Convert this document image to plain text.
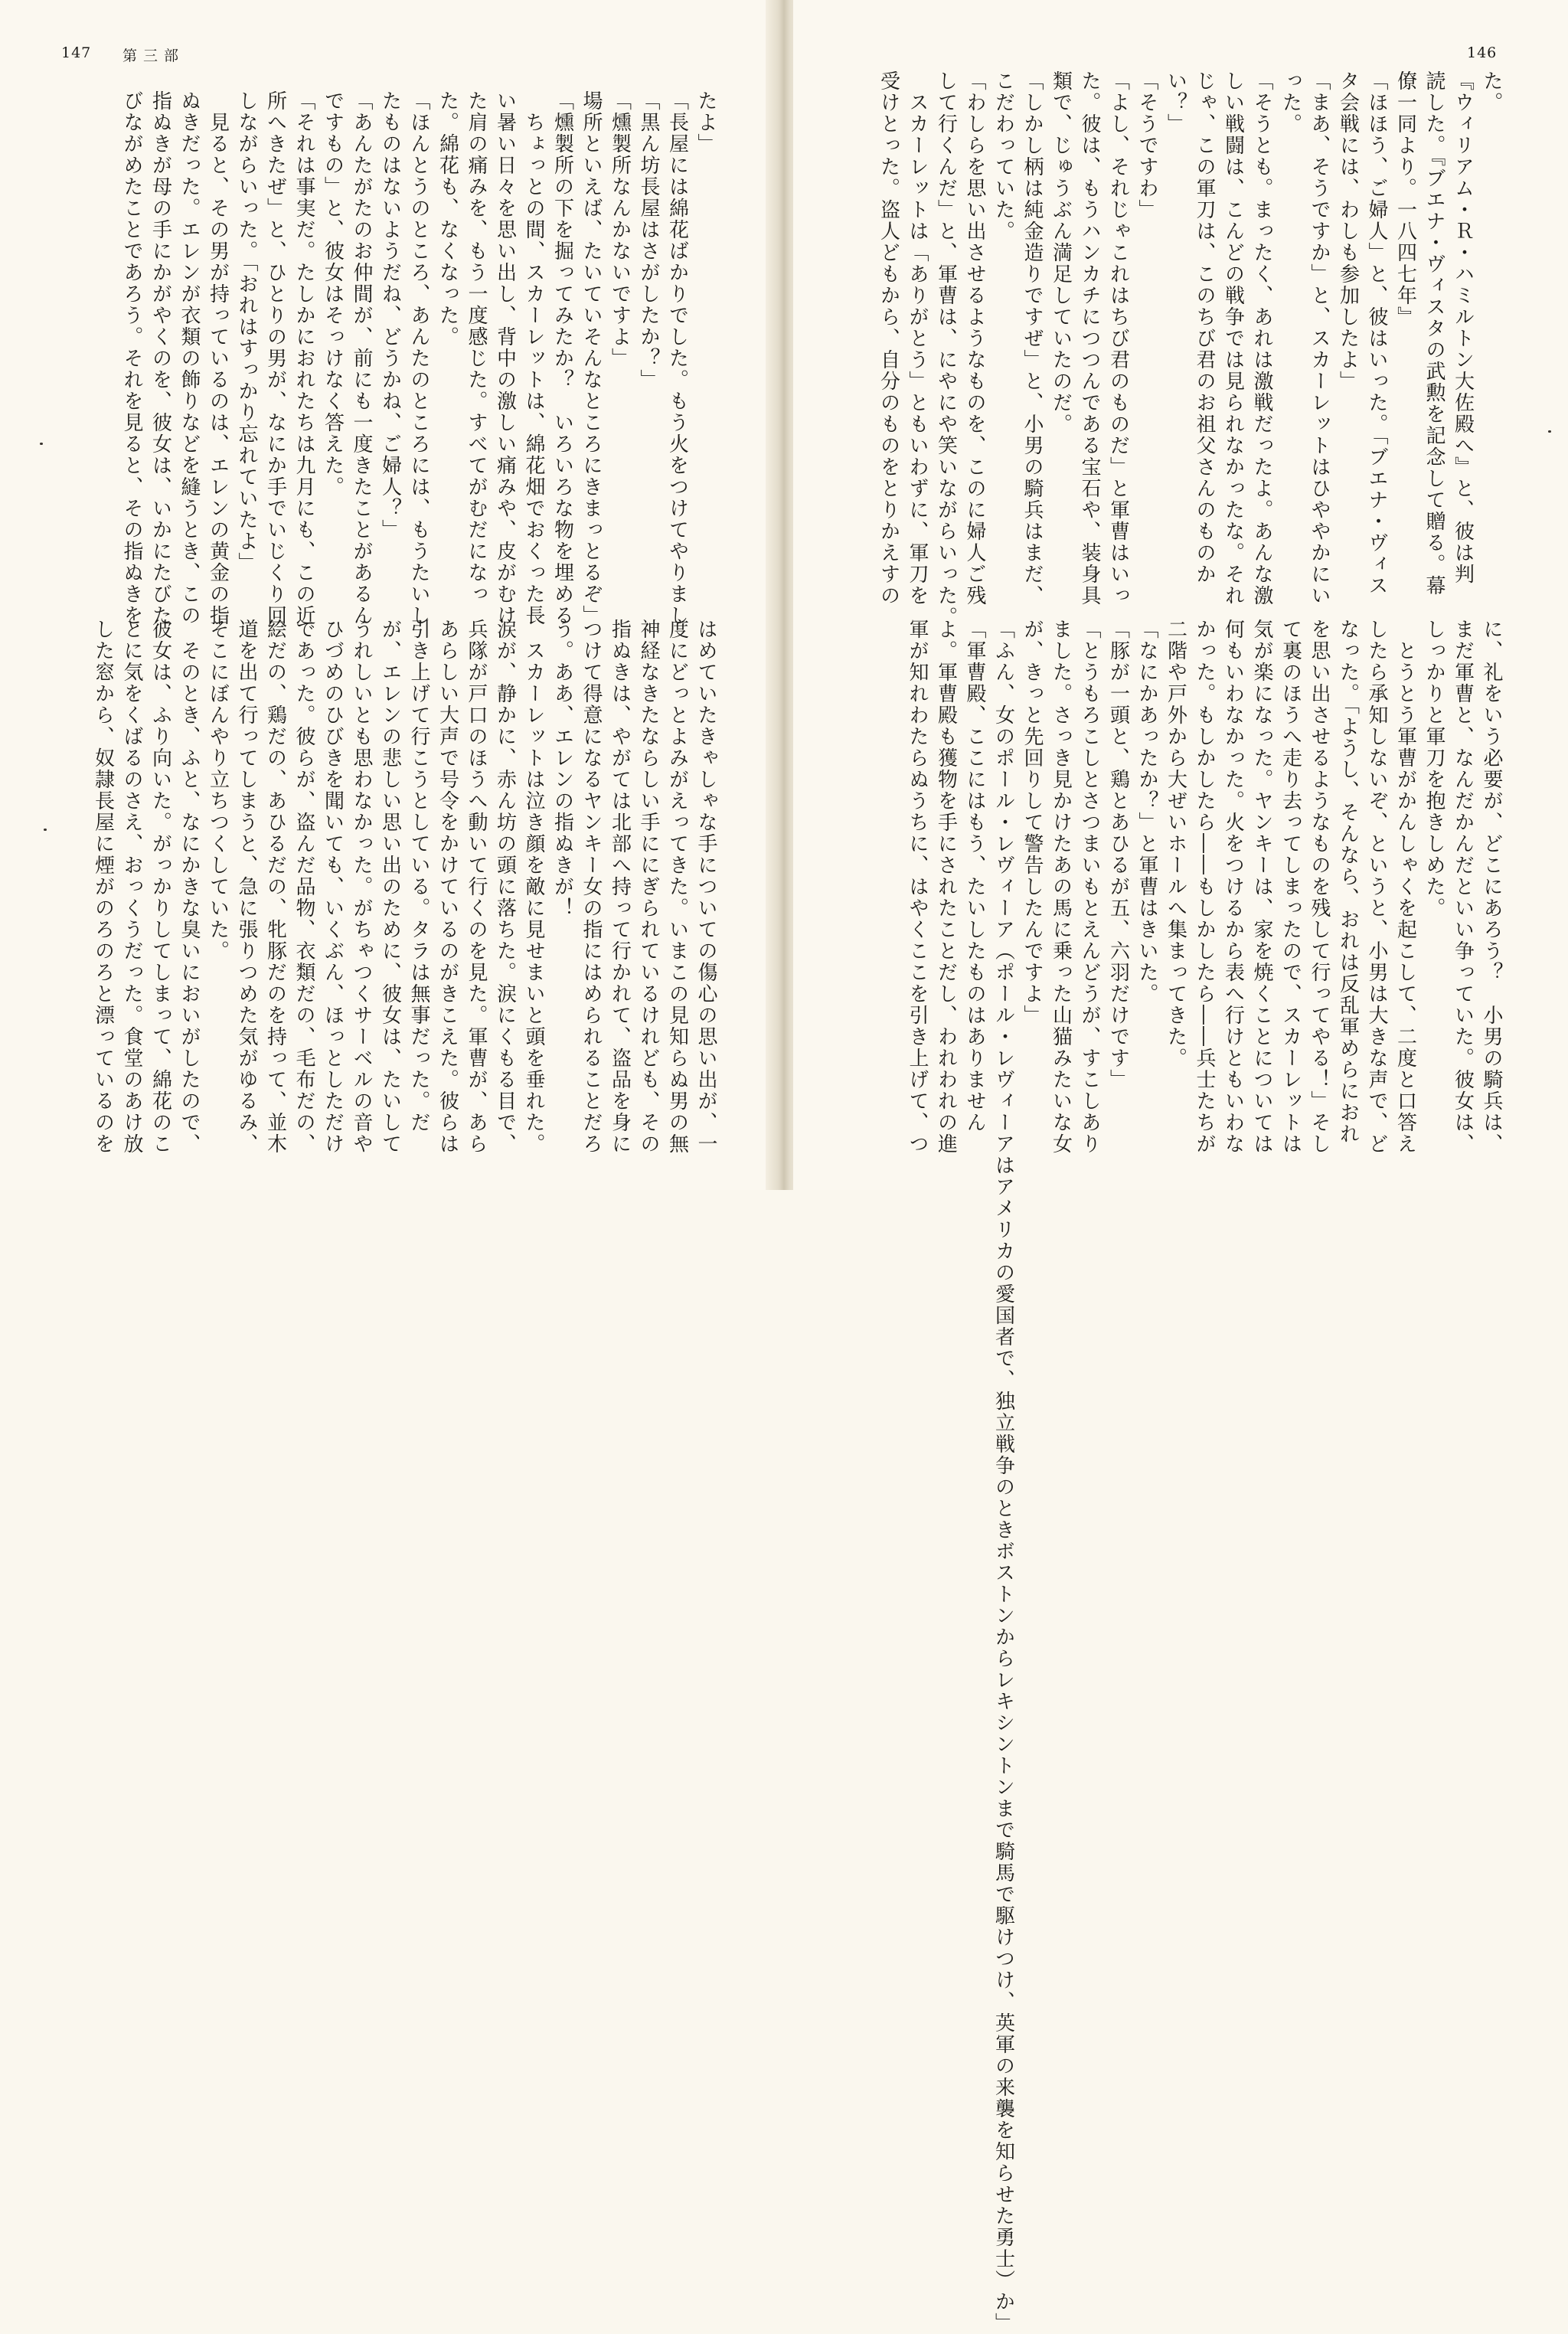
147 第三部
たよ」
「長屋には綿花ばかりでした。もう火をつけてやりまし
「黒ん坊長屋はさがしたか？」
「燻製所なんかないですよ」
場所といえば、たいていそんなところにきまっとるぞ」
「燻製所の下を掘ってみたか？　いろいろな物を埋める
　ちょっとの間、スカーレットは、綿花畑でおくった長
い暑い日々を思い出し、背中の激しい痛みや、皮がむけ
た肩の痛みを、もう一度感じた。すべてがむだになっ
た。綿花も、なくなった。
「ほんとうのところ、あんたのところには、もうたいし
たものはないようだね、どうかね、ご婦人？」
「あんたがたのお仲間が、前にも一度きたことがあるん
ですもの」と、彼女はそっけなく答えた。
「それは事実だ。たしかにおれたちは九月にも、この近
所へきたぜ」と、ひとりの男が、なにか手でいじくり回
しながらいった。「おれはすっかり忘れていたよ」
　見ると、その男が持っているのは、エレンの黄金の指
ぬきだった。エレンが衣類の飾りなどを縫うとき、この
指ぬきが母の手にかがやくのを、彼女は、いかにたびた
びながめたことであろう。それを見ると、その指ぬきを
はめていたきゃしゃな手についての傷心の思い出が、一
度にどっとよみがえってきた。いまこの見知らぬ男の無
神経なきたならしい手ににぎられているけれども、その
指ぬきは、やがては北部へ持って行かれて、盗品を身に
つけて得意になるヤンキー女の指にはめられることだろ
う。ああ、エレンの指ぬきが！
　スカーレットは泣き顔を敵に見せまいと頭を垂れた。
涙が、静かに、赤ん坊の頭に落ちた。涙にくもる目で、
兵隊が戸口のほうへ動いて行くのを見た。軍曹が、あら
あらしい大声で号令をかけているのがきこえた。彼らは
引き上げて行こうとしている。タラは無事だった。だ
が、エレンの悲しい思い出のために、彼女は、たいして
うれしいとも思わなかった。がちゃつくサーベルの音や
ひづめのひびきを聞いても、いくぶん、ほっとしただけ
であった。彼らが、盗んだ品物、衣類だの、毛布だの、
絵だの、鶏だの、あひるだの、牝豚だのを持って、並木
道を出て行ってしまうと、急に張りつめた気がゆるみ、
そこにぼんやり立ちつくしていた。
　そのとき、ふと、なにかきな臭いにおいがしたので、
彼女は、ふり向いた。がっかりしてしまって、綿花のこ
とに気をくばるのさえ、おっくうだった。食堂のあけ放
した窓から、奴隷長屋に煙がのろのろと漂っているのを
146
た。
『ウィリアム・Ｒ・ハミルトン大佐殿へ』と、彼は判
読した。『ブエナ・ヴィスタの武勲を記念して贈る。幕
僚一同より。一八四七年』
「ほほう、ご婦人」と、彼はいった。「ブエナ・ヴィス
タ会戦には、わしも参加したよ」
「まあ、そうですか」と、スカーレットはひややかにい
った。
「そうとも。まったく、あれは激戦だったよ。あんな激
しい戦闘は、こんどの戦争では見られなかったな。それ
じゃ、この軍刀は、このちび君のお祖父さんのものか
い？」
「そうですわ」
「よし、それじゃこれはちび君のものだ」と軍曹はいっ
た。彼は、もうハンカチにつつんである宝石や、装身具
類で、じゅうぶん満足していたのだ。
「しかし柄は純金造りですぜ」と、小男の騎兵はまだ、
こだわっていた。
「わしらを思い出させるようなものを、このに婦人ご残
して行くんだ」と、軍曹は、にやにや笑いながらいった。
　スカーレットは「ありがとう」ともいわずに、軍刀を
受けとった。盗人どもから、自分のものをとりかえすの
に、礼をいう必要が、どこにあろう？　小男の騎兵は、
まだ軍曹と、なんだかんだといい争っていた。彼女は、
しっかりと軍刀を抱きしめた。
　とうとう軍曹がかんしゃくを起こして、二度と口答え
したら承知しないぞ、というと、小男は大きな声で、ど
なった。「ようし、そんなら、おれは反乱軍めらにおれ
を思い出させるようなものを残して行ってやる！」そし
て裏のほうへ走り去ってしまったので、スカーレットは
気が楽になった。ヤンキーは、家を焼くことについては
何もいわなかった。火をつけるから表へ行けともいわな
かった。もしかしたら――もしかしたら――兵士たちが
二階や戸外から大ぜいホールへ集まってきた。
「なにかあったか？」と軍曹はきいた。
「豚が一頭と、鶏とあひるが五、六羽だけです」
「とうもろこしとさつまいもとえんどうが、すこしあり
ました。さっき見かけたあの馬に乗った山猫みたいな女
が、きっと先回りして警告したんですよ」
「ふん、女のポール・レヴィーア（ポール・レヴィーアはアメリカの愛国者で、独立戦争のときボストンからレキシントンまで騎馬で駆けつけ、英軍の来襲を知らせた勇士）か」
「軍曹殿、ここにはもう、たいしたものはありません
よ。軍曹殿も獲物を手にされたことだし、われわれの進
軍が知れわたらぬうちに、はやくここを引き上げて、つ
